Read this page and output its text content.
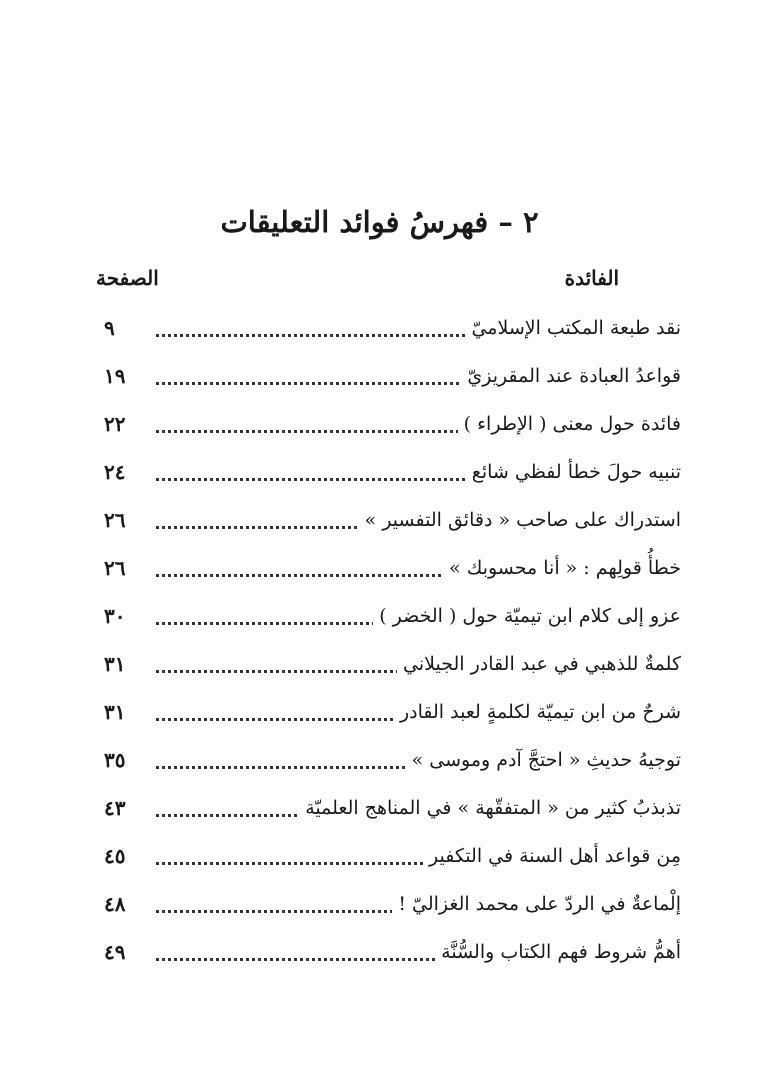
٢ – فهرسُ فوائد التعليقات
الفائدة
الصفحة
نقد طبعة المكتب الإسلاميّ
٩
قواعدُ العبادة عند المقريزيّ
١٩
فائدة حول معنى ( الإطراء )
٢٢
تنبيه حولَ خطأ لفظي شائع
٢٤
استدراك على صاحب « دقائق التفسير »
٢٦
خطأُ قولِهم : « أنا محسوبك »
٢٦
عزو إلى كلام ابن تيميّة حول ( الخضر )
٣٠
كلمةٌ للذهبي في عبد القادر الجيلاني
٣١
شرحٌ من ابن تيميّة لكلمةٍ لعبد القادر
٣١
توجيهُ حديثِ « احتجَّ آدم وموسى »
٣٥
تذبذبُ كثير من « المتفقّهة » في المناهج العلميّة
٤٣
مِن قواعد أهل السنة في التكفير
٤٥
إلْماعةٌ في الردّ على محمد الغزاليّ !
٤٨
أهمُّ شروط فهم الكتاب والسُّنَّة
٤٩
